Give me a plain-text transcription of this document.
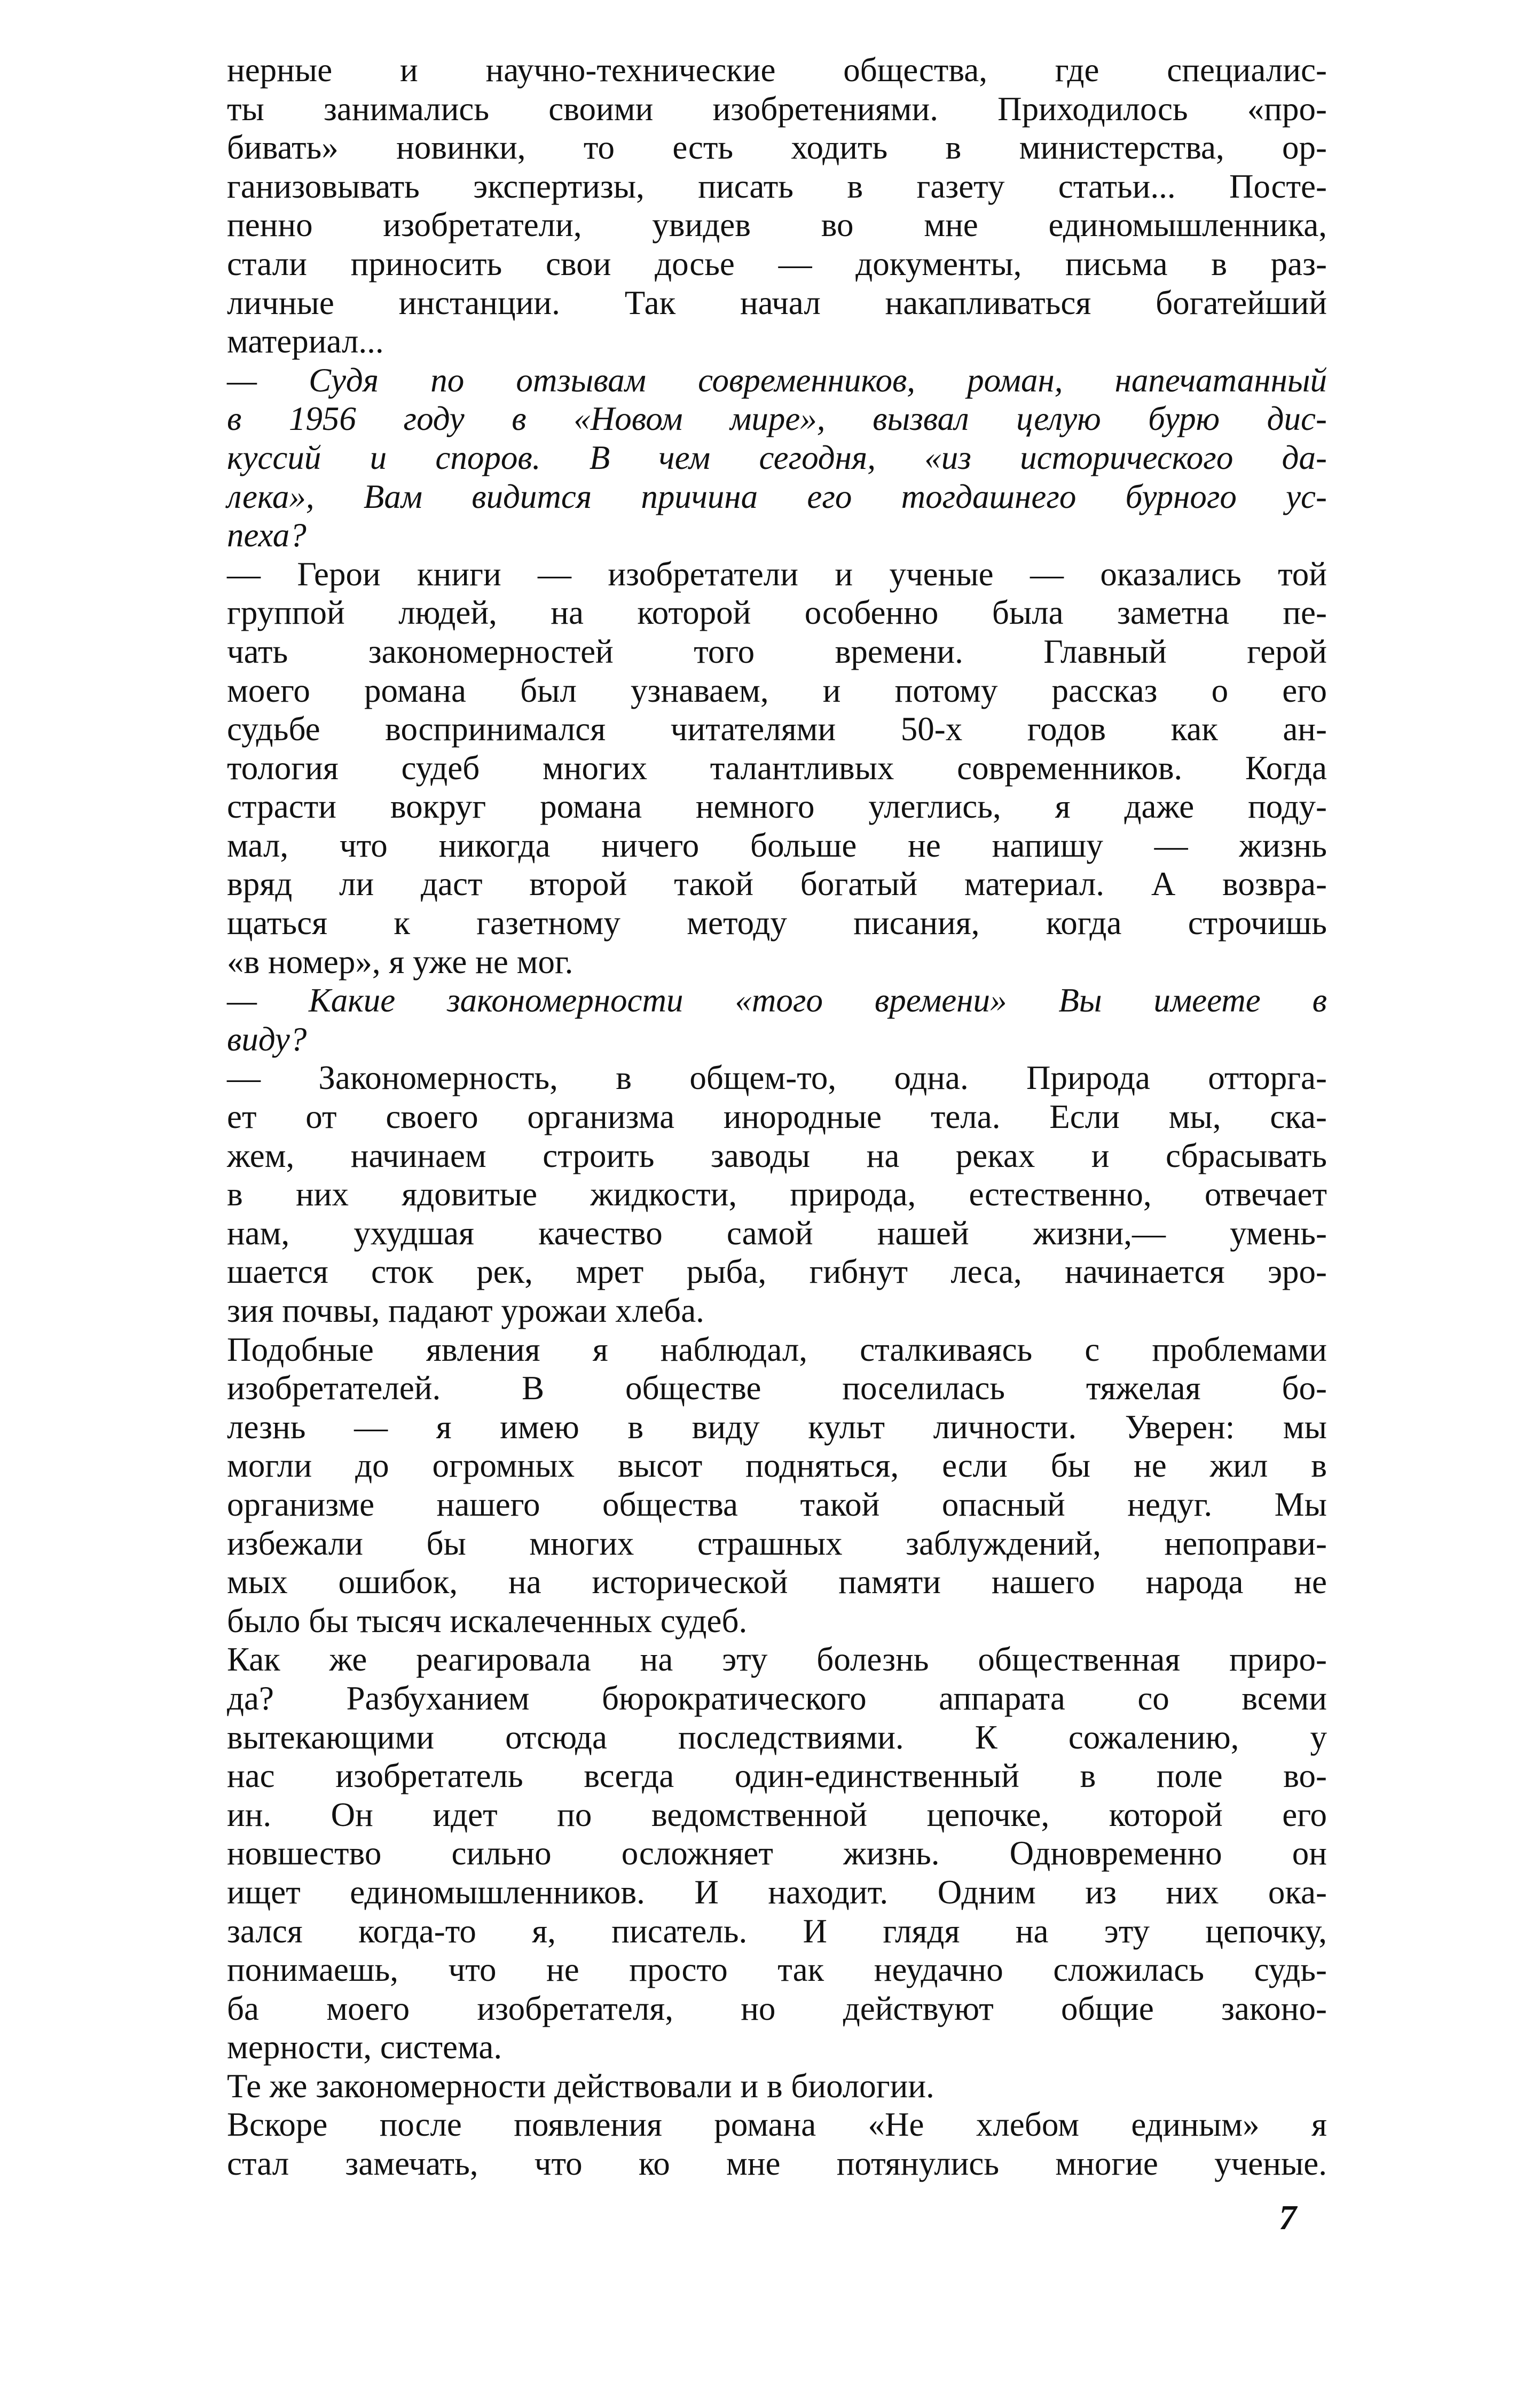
нерные и научно-технические общества, где специалис-
ты занимались своими изобретениями. Приходилось «про-
бивать» новинки, то есть ходить в министерства, ор-
ганизовывать экспертизы, писать в газету статьи... Посте-
пенно изобретатели, увидев во мне единомышленника,
стали приносить свои досье — документы, письма в раз-
личные инстанции. Так начал накапливаться богатейший
материал...
— Судя по отзывам современников, роман, напечатанный
в 1956 году в «Новом мире», вызвал целую бурю дис-
куссий и споров. В чем сегодня, «из исторического да-
лека», Вам видится причина его тогдашнего бурного ус-
пеха?
— Герои книги — изобретатели и ученые — оказались той
группой людей, на которой особенно была заметна пе-
чать закономерностей того времени. Главный герой
моего романа был узнаваем, и потому рассказ о его
судьбе воспринимался читателями 50-х годов как ан-
тология судеб многих талантливых современников. Когда
страсти вокруг романа немного улеглись, я даже поду-
мал, что никогда ничего больше не напишу — жизнь
вряд ли даст второй такой богатый материал. А возвра-
щаться к газетному методу писания, когда строчишь
«в номер», я уже не мог.
— Какие закономерности «того времени» Вы имеете в
виду?
— Закономерность, в общем-то, одна. Природа отторга-
ет от своего организма инородные тела. Если мы, ска-
жем, начинаем строить заводы на реках и сбрасывать
в них ядовитые жидкости, природа, естественно, отвечает
нам, ухудшая качество самой нашей жизни,— умень-
шается сток рек, мрет рыба, гибнут леса, начинается эро-
зия почвы, падают урожаи хлеба.
Подобные явления я наблюдал, сталкиваясь с проблемами
изобретателей. В обществе поселилась тяжелая бо-
лезнь — я имею в виду культ личности. Уверен: мы
могли до огромных высот подняться, если бы не жил в
организме нашего общества такой опасный недуг. Мы
избежали бы многих страшных заблуждений, непоправи-
мых ошибок, на исторической памяти нашего народа не
было бы тысяч искалеченных судеб.
Как же реагировала на эту болезнь общественная приро-
да? Разбуханием бюрократического аппарата со всеми
вытекающими отсюда последствиями. К сожалению, у
нас изобретатель всегда один-единственный в поле во-
ин. Он идет по ведомственной цепочке, которой его
новшество сильно осложняет жизнь. Одновременно он
ищет единомышленников. И находит. Одним из них ока-
зался когда-то я, писатель. И глядя на эту цепочку,
понимаешь, что не просто так неудачно сложилась судь-
ба моего изобретателя, но действуют общие законо-
мерности, система.
Те же закономерности действовали и в биологии.
Вскоре после появления романа «Не хлебом единым» я
стал замечать, что ко мне потянулись многие ученые.
7
